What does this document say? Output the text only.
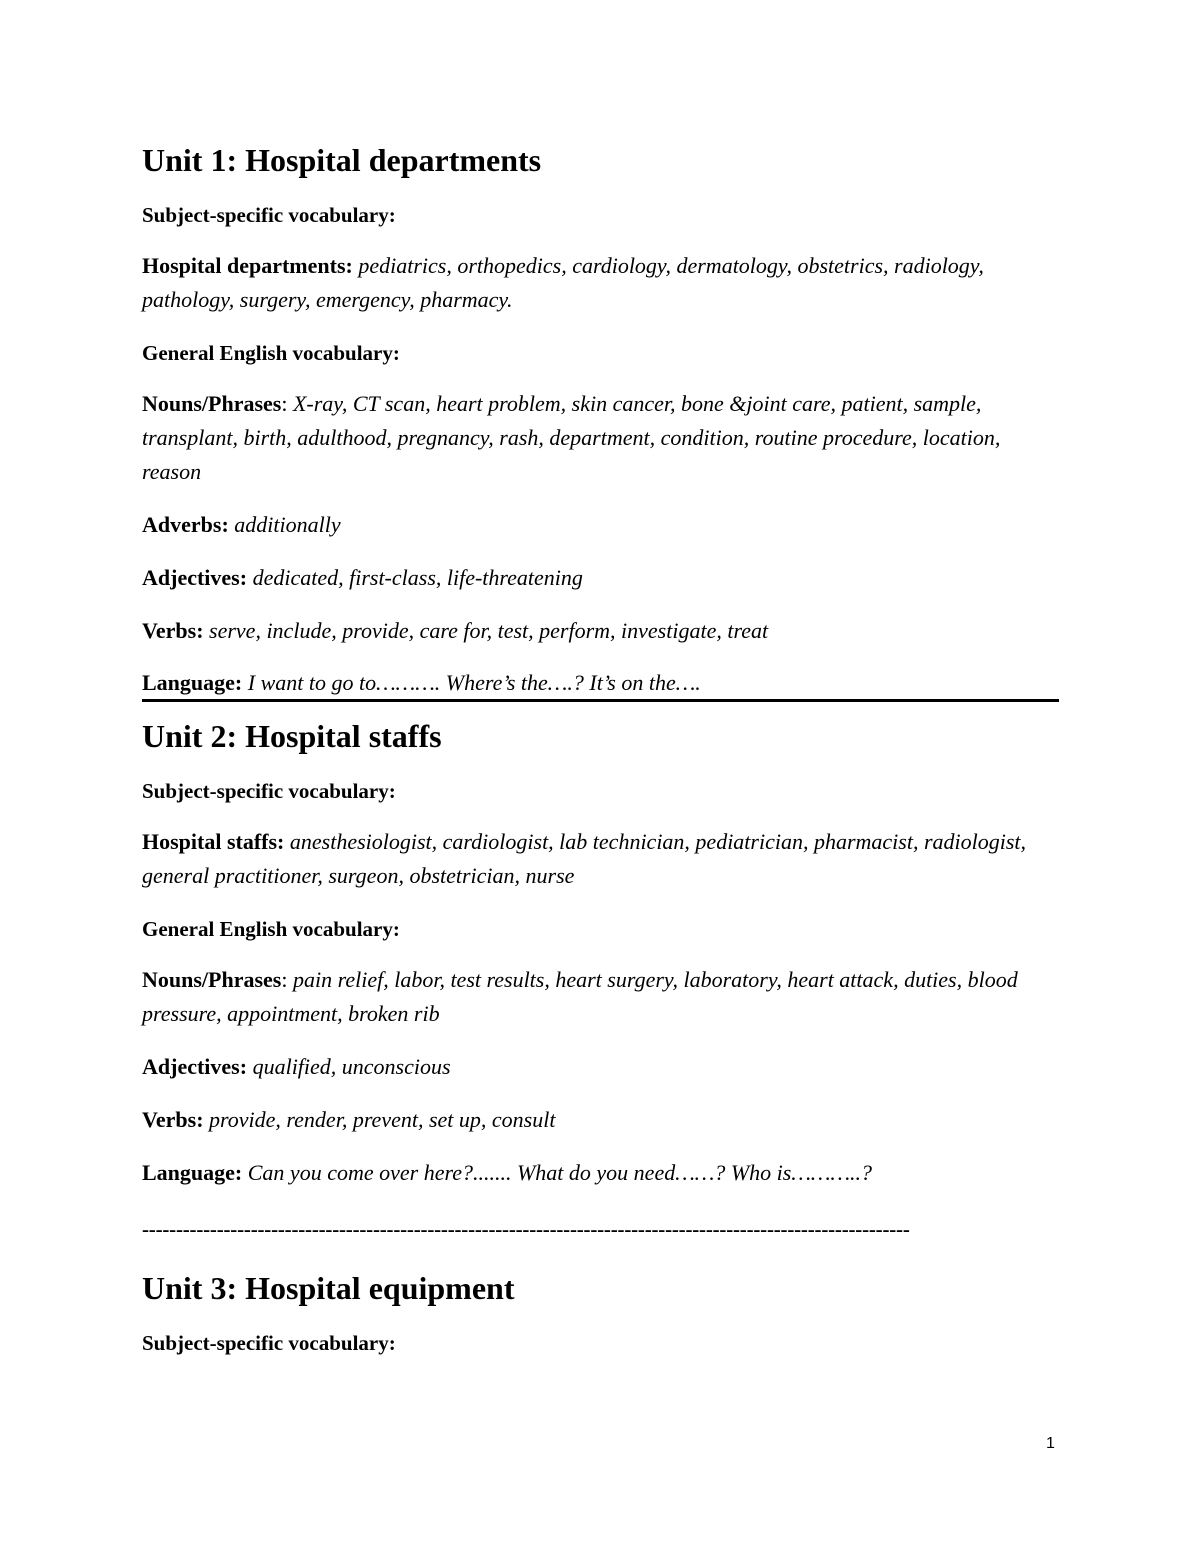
Unit 1: Hospital departments
Subject-specific vocabulary:
Hospital departments: pediatrics, orthopedics, cardiology, dermatology, obstetrics, radiology, pathology, surgery, emergency, pharmacy.
General English vocabulary:
Nouns/Phrases: X-ray, CT scan, heart problem, skin cancer, bone &joint care, patient, sample, transplant, birth, adulthood, pregnancy, rash, department, condition, routine procedure, location, reason
Adverbs: additionally
Adjectives: dedicated, first-class, life-threatening
Verbs: serve, include, provide, care for, test, perform, investigate, treat
Language: I want to go to………. Where’s the….? It’s on the….
Unit 2: Hospital staffs
Subject-specific vocabulary:
Hospital staffs: anesthesiologist, cardiologist, lab technician, pediatrician, pharmacist, radiologist, general practitioner, surgeon, obstetrician, nurse
General English vocabulary:
Nouns/Phrases: pain relief, labor, test results, heart surgery, laboratory, heart attack, duties, blood pressure, appointment, broken rib
Adjectives: qualified, unconscious
Verbs: provide, render, prevent, set up, consult
Language: Can you come over here?....... What do you need……? Who is………..?
-----------------------------------------------------------------------------------------------------------------
Unit 3: Hospital equipment
Subject-specific vocabulary:
1
